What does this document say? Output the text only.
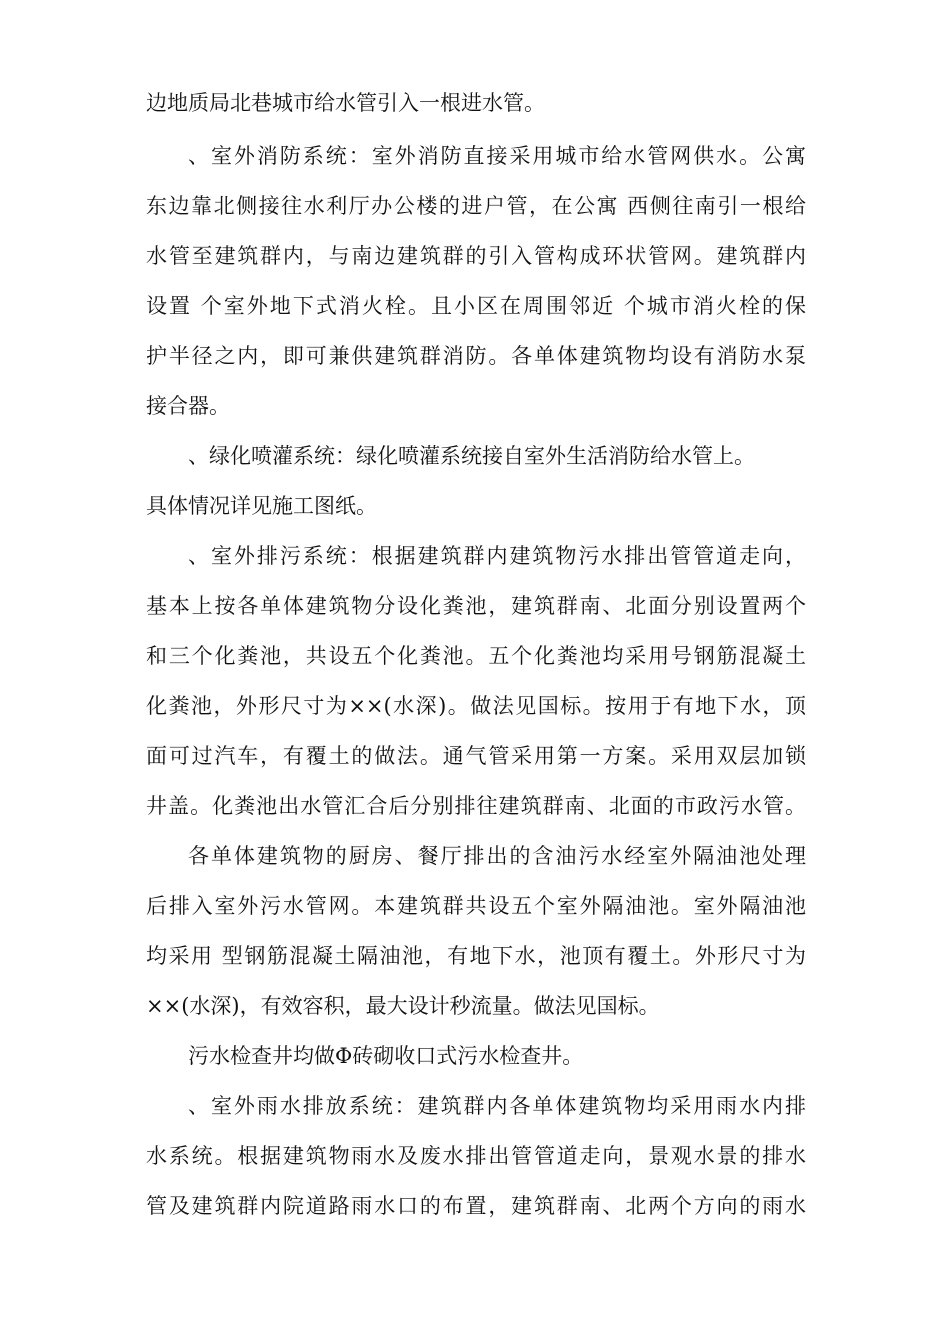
边地质局北巷城市给水管引入一根进水管。
、室外消防系统：室外消防直接采用城市给水管网供水。公寓
东边靠北侧接往水利厅办公楼的进户管，在公寓 西侧往南引一根给
水管至建筑群内，与南边建筑群的引入管构成环状管网。建筑群内
设置 个室外地下式消火栓。且小区在周围邻近 个城市消火栓的保
护半径之内，即可兼供建筑群消防。各单体建筑物均设有消防水泵
接合器。
、绿化喷灌系统：绿化喷灌系统接自室外生活消防给水管上。
具体情况详见施工图纸。
、室外排污系统：根据建筑群内建筑物污水排出管管道走向，
基本上按各单体建筑物分设化粪池，建筑群南、北面分别设置两个
和三个化粪池，共设五个化粪池。五个化粪池均采用号钢筋混凝土
化粪池，外形尺寸为××(水深)。做法见国标。按用于有地下水，顶
面可过汽车，有覆土的做法。通气管采用第一方案。采用双层加锁
井盖。化粪池出水管汇合后分别排往建筑群南、北面的市政污水管。
各单体建筑物的厨房、餐厅排出的含油污水经室外隔油池处理
后排入室外污水管网。本建筑群共设五个室外隔油池。室外隔油池
均采用 型钢筋混凝土隔油池，有地下水，池顶有覆土。外形尺寸为
××(水深)，有效容积，最大设计秒流量。做法见国标。
污水检查井均做Φ砖砌收口式污水检查井。
、室外雨水排放系统：建筑群内各单体建筑物均采用雨水内排
水系统。根据建筑物雨水及废水排出管管道走向，景观水景的排水
管及建筑群内院道路雨水口的布置，建筑群南、北两个方向的雨水
